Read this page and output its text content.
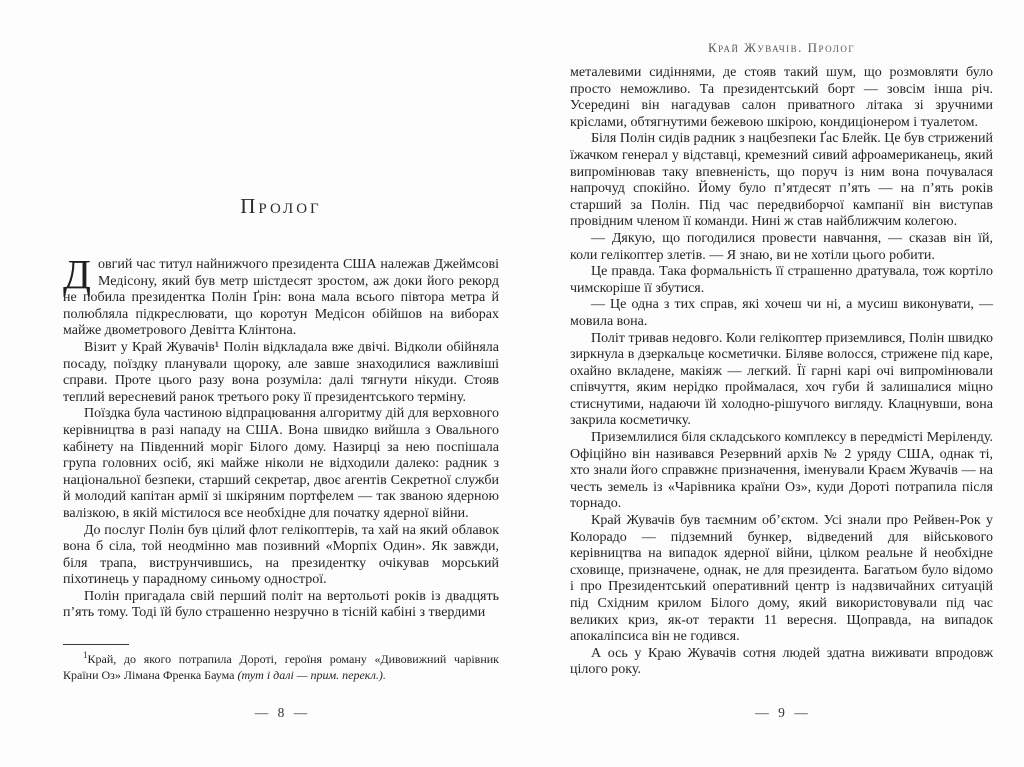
Пролог

Довгий час титул найнижчого президента США належав Джеймсові Медісону, який був метр шістдесят зростом, аж доки його рекорд не побила президентка Полін Ґрін: вона мала всього півтора метра й полюбляла підкреслювати, що коротун Медісон обійшов на виборах майже двометрового Девітта Клінтона.

Візит у Край Жувачів¹ Полін відкладала вже двічі. Відколи обійняла посаду, поїздку планували щороку, але завше знаходилися важливіші справи. Проте цього разу вона розуміла: далі тягнути нікуди. Стояв теплий вересневий ранок третього року її президентського терміну.

Поїздка була частиною відпрацювання алгоритму дій для верховного керівництва в разі нападу на США. Вона швидко вийшла з Овального кабінету на Південний моріг Білого дому. Назирці за нею поспішала група головних осіб, які майже ніколи не відходили далеко: радник з національної безпеки, старший секретар, двоє агентів Секретної служби й молодий капітан армії зі шкіряним портфелем — так званою ядерною валізкою, в якій містилося все необхідне для початку ядерної війни.

До послуг Полін був цілий флот гелікоптерів, та хай на який облавок вона б сіла, той неодмінно мав позивний «Морпіх Один». Як завжди, біля трапа, виструнчившись, на президентку очікував морський піхотинець у парадному синьому однострої.

Полін пригадала свій перший політ на вертольоті років із двадцять п’ять тому. Тоді їй було страшенно незручно в тісній кабіні з твердими

$^1$Край, до якого потрапила Дороті, героїня роману «Дивовижний чарівник Країни Оз» Лімана Френка Баума (тут і далі — прим. перекл.).

— 8 —
Край Жувачів. Пролог

металевими сидіннями, де стояв такий шум, що розмовляти було просто неможливо. Та президентський борт — зовсім інша річ. Усередині він нагадував салон приватного літака зі зручними кріслами, обтягнутими бежевою шкірою, кондиціонером і туалетом.

Біля Полін сидів радник з нацбезпеки Ґас Блейк. Це був стрижений їжачком генерал у відставці, кремезний сивий афроамериканець, який випромінював таку впевненість, що поруч із ним вона почувалася напрочуд спокійно. Йому було п’ятдесят п’ять — на п’ять років старший за Полін. Під час передвиборчої кампанії він виступав провідним членом її команди. Нині ж став найближчим колегою.

— Дякую, що погодилися провести навчання, — сказав він їй, коли гелікоптер злетів. — Я знаю, ви не хотіли цього робити.

Це правда. Така формальність її страшенно дратувала, тож кортіло чимскоріше її збутися.

— Це одна з тих справ, які хочеш чи ні, а мусиш виконувати, — мовила вона.

Політ тривав недовго. Коли гелікоптер приземлився, Полін швидко зиркнула в дзеркальце косметички. Біляве волосся, стрижене під каре, охайно вкладене, макіяж — легкий. Її гарні карі очі випромінювали співчуття, яким нерідко проймалася, хоч губи й залишалися міцно стиснутими, надаючи їй холодно-рішучого вигляду. Клацнувши, вона закрила косметичку.

Приземлилися біля складського комплексу в передмісті Меріленду. Офіційно він називався Резервний архів № 2 уряду США, однак ті, хто знали його справжнє призначення, іменували Краєм Жувачів — на честь земель із «Чарівника країни Оз», куди Дороті потрапила після торнадо.

Край Жувачів був таємним об’єктом. Усі знали про Рейвен-Рок у Колорадо — підземний бункер, відведений для військового керівництва на випадок ядерної війни, цілком реальне й необхідне сховище, призначене, однак, не для президента. Багатьом було відомо і про Президентський оперативний центр із надзвичайних ситуацій під Східним крилом Білого дому, який використовували під час великих криз, як-от теракти 11 вересня. Щоправда, на випадок апокаліпсиса він не годився.

А ось у Краю Жувачів сотня людей здатна виживати впродовж цілого року.

— 9 —
